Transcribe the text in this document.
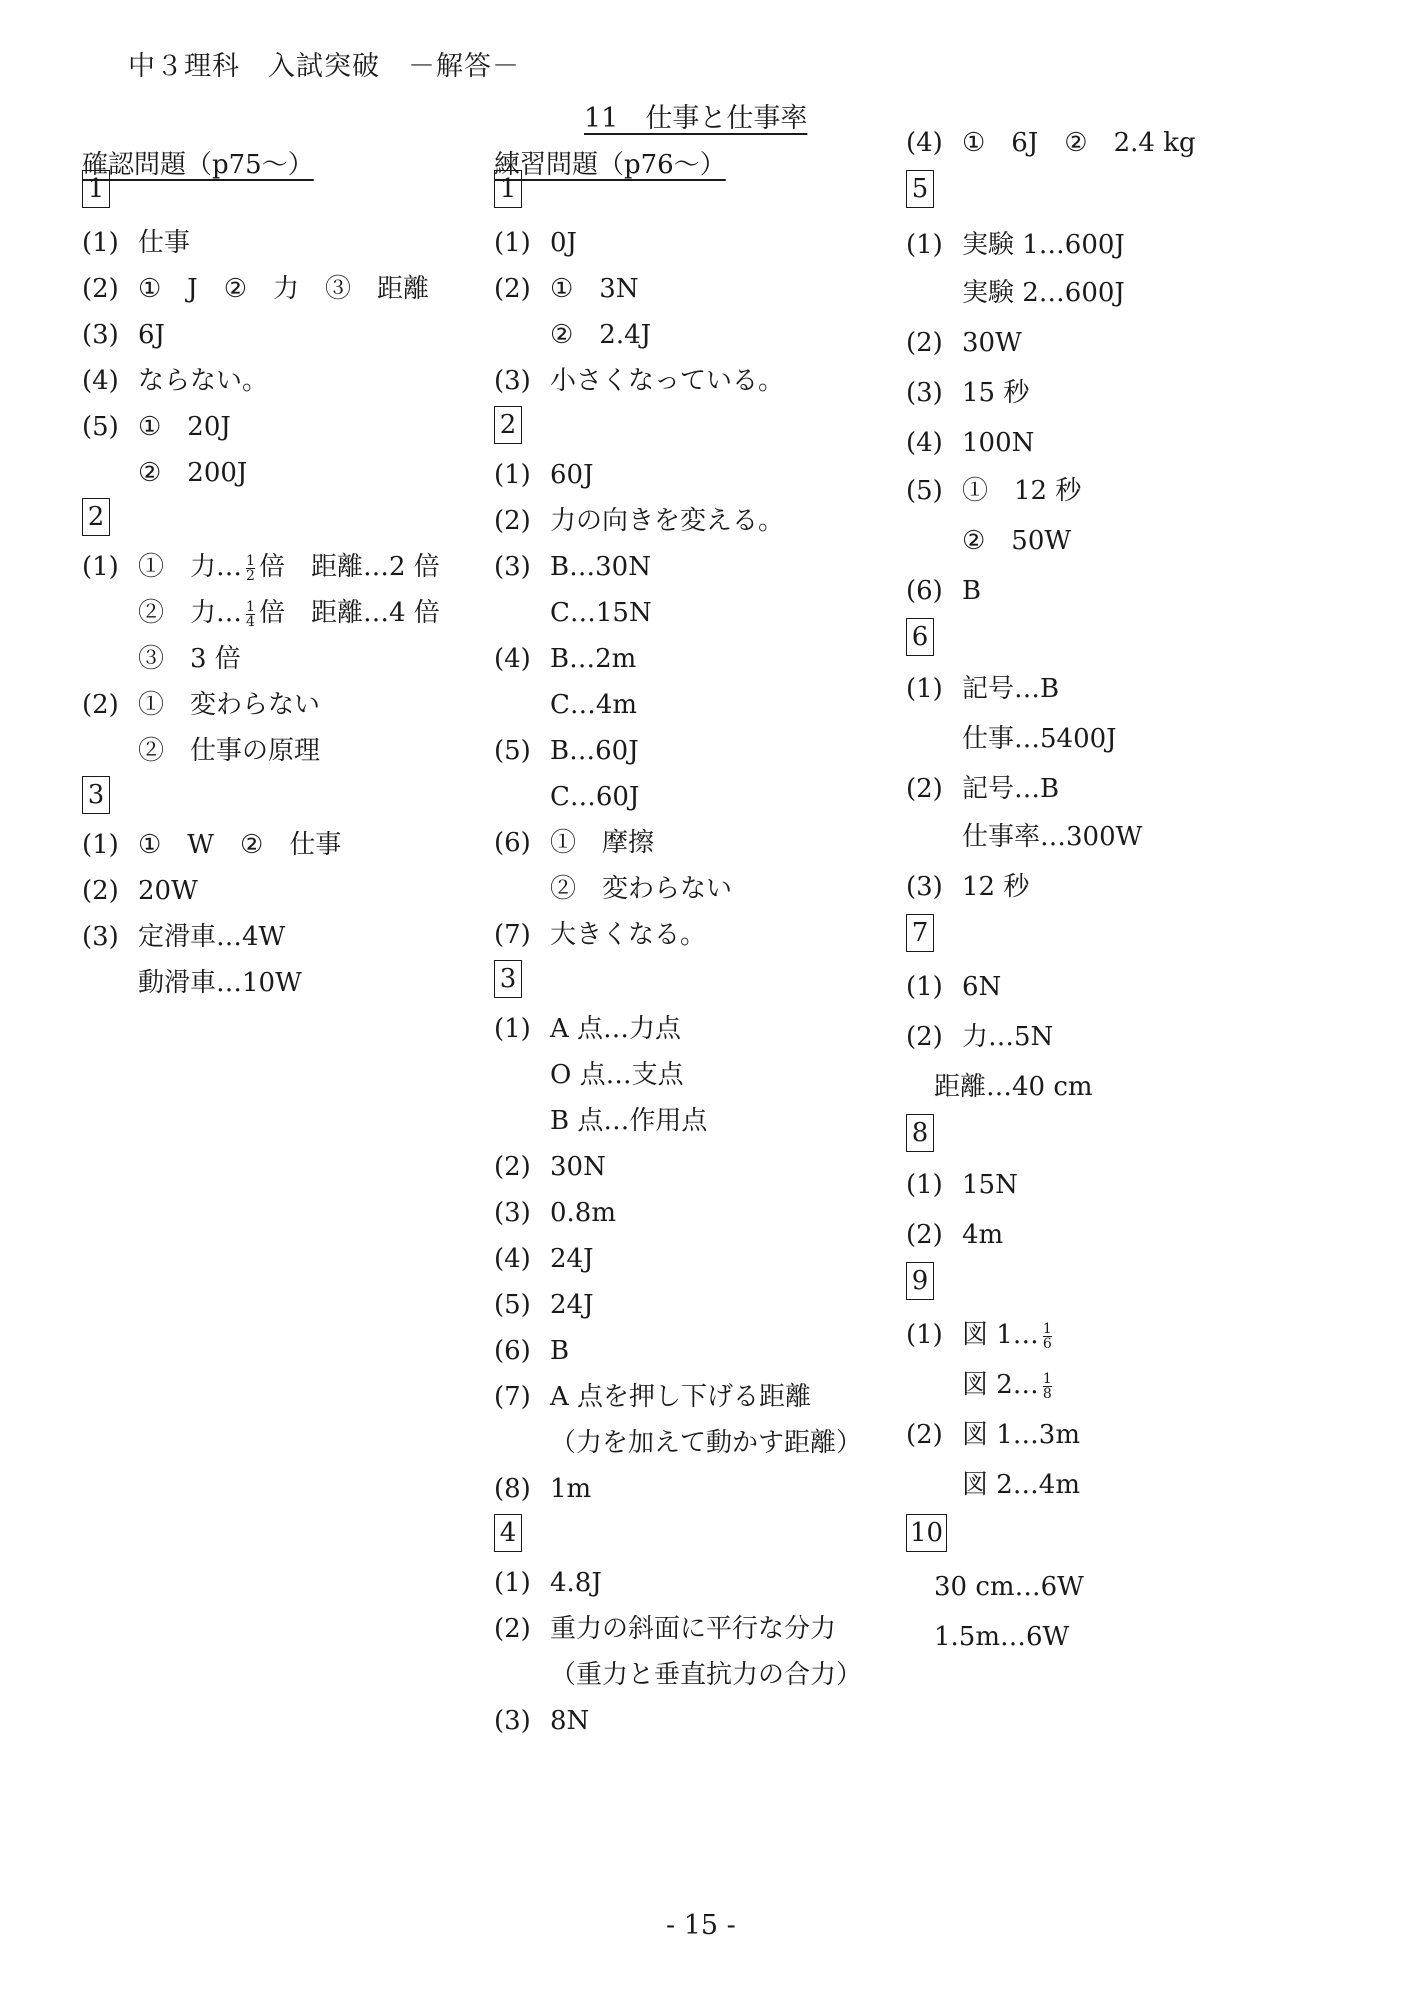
中３理科　入試突破　－解答－
11　仕事と仕事率
確認問題（p75～）	練習問題（p76～）
1
(1) 仕事
(2) ①　J　②　力　③　距離
(3) 6J
(4) ならない。
(5) ①　20J
②　200J
2
(1) ①　力… $\frac{1}{2}$ 倍　距離…2 倍
②　力… $\frac{1}{4}$ 倍　距離…4 倍
③　3 倍
(2) ①　変わらない
②　仕事の原理
3
(1) ①　W　②　仕事
(2) 20W
(3) 定滑車…4W
動滑車…10W
1
(1) 0J
(2) ①　3N
②　2.4J
(3) 小さくなっている。
2
(1) 60J
(2) 力の向きを変える。
(3) B…30N
C…15N
(4) B…2m
C…4m
(5) B…60J
C…60J
(6) ①　摩擦
②　変わらない
(7) 大きくなる。
3
(1) A 点…力点
O 点…支点
B 点…作用点
(2) 30N
(3) 0.8m
(4) 24J
(5) 24J
(6) B
(7) A 点を押し下げる距離
（力を加えて動かす距離）
(8) 1m
4
(1) 4.8J
(2) 重力の斜面に平行な分力
（重力と垂直抗力の合力）
(3) 8N
(4) ①　6J　②　2.4 kg
5
(1) 実験 1…600J
実験 2…600J
(2) 30W
(3) 15 秒
(4) 100N
(5) ①　12 秒
②　50W
(6) B
6
(1) 記号…B
仕事…5400J
(2) 記号…B
仕事率…300W
(3) 12 秒
7
(1) 6N
(2) 力…5N
距離…40 cm
8
(1) 15N
(2) 4m
9
(1) 図 1… $\frac{1}{6}$
図 2… $\frac{1}{8}$
(2) 図 1…3m
図 2…4m
10
30 cm…6W
1.5m…6W
- 15 -
